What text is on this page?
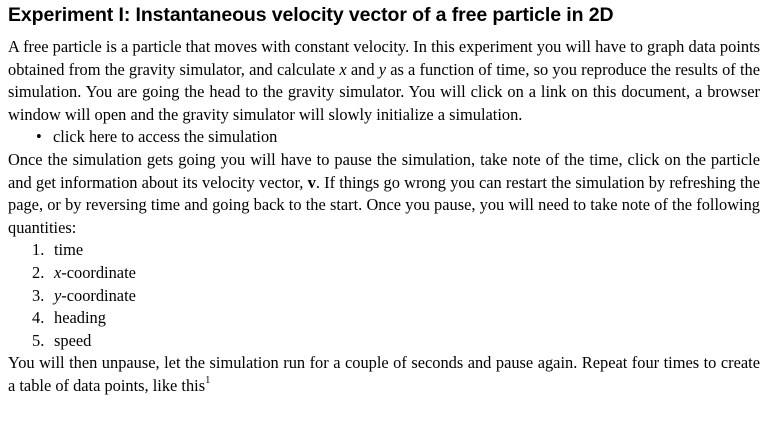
Experiment I: Instantaneous velocity vector of a free particle in 2D

A free particle is a particle that moves with constant velocity. In this experiment you will have to graph data points obtained from the gravity simulator, and calculate x and y as a function of time, so you reproduce the results of the simulation. You are going the head to the gravity simulator. You will click on a link on this document, a browser window will open and the gravity simulator will slowly initialize a simulation.

• click here to access the simulation

Once the simulation gets going you will have to pause the simulation, take note of the time, click on the particle and get information about its velocity vector, v. If things go wrong you can restart the simulation by refreshing the page, or by reversing time and going back to the start. Once you pause, you will need to take note of the following quantities:

1. time
2. x-coordinate
3. y-coordinate
4. heading
5. speed

You will then unpause, let the simulation run for a couple of seconds and pause again. Repeat four times to create a table of data points, like this$^1$
